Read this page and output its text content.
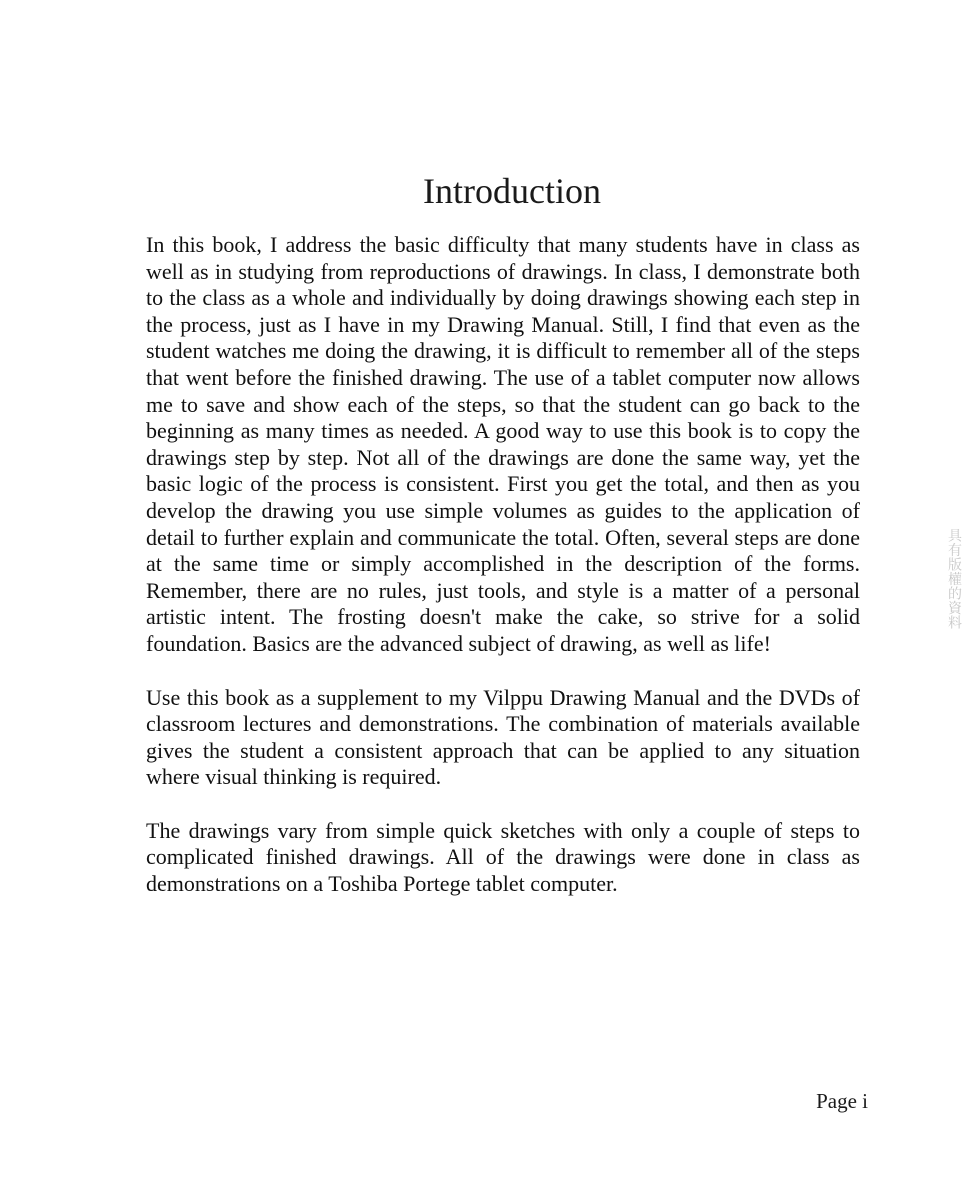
Introduction

In this book, I address the basic difficulty that many students have in class as well as in studying from reproductions of drawings. In class, I demonstrate both to the class as a whole and individually by doing drawings showing each step in the process, just as I have in my Drawing Manual. Still, I find that even as the student watches me doing the drawing, it is difficult to remember all of the steps that went before the finished drawing. The use of a tablet computer now allows me to save and show each of the steps, so that the student can go back to the beginning as many times as needed. A good way to use this book is to copy the drawings step by step. Not all of the drawings are done the same way, yet the basic logic of the process is consistent. First you get the total, and then as you develop the drawing you use simple volumes as guides to the application of detail to further explain and communicate the total. Often, several steps are done at the same time or simply accomplished in the description of the forms. Remember, there are no rules, just tools, and style is a matter of a personal artistic intent. The frosting doesn't make the cake, so strive for a solid foundation. Basics are the advanced subject of drawing, as well as life!

Use this book as a supplement to my Vilppu Drawing Manual and the DVDs of classroom lectures and demonstrations. The combination of materials available gives the student a consistent approach that can be applied to any situation where visual thinking is required.

The drawings vary from simple quick sketches with only a couple of steps to complicated finished drawings. All of the drawings were done in class as demonstrations on a Toshiba Portege tablet computer.

具有版權的資料
Page i
